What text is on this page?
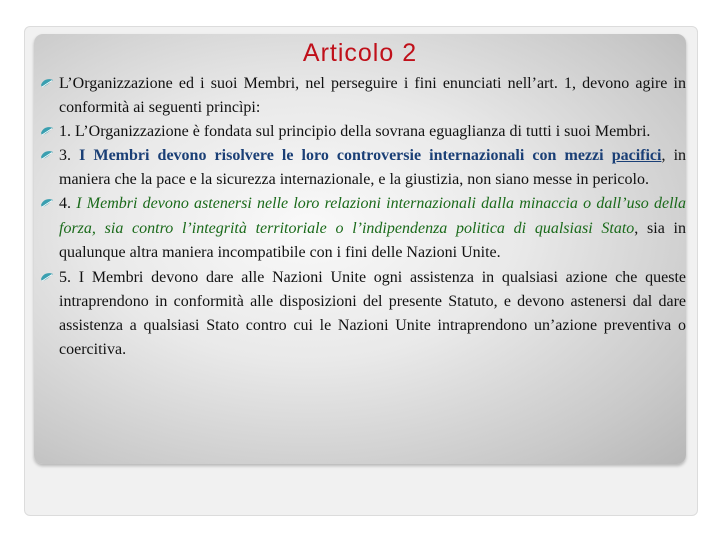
Articolo 2
L’Organizzazione ed i suoi Membri, nel perseguire i fini enunciati nell’art. 1, devono agire in conformità ai seguenti princìpi:
1. L’Organizzazione è fondata sul principio della sovrana eguaglianza di tutti i suoi Membri.
3. I Membri devono risolvere le loro controversie internazionali con mezzi pacifici, in maniera che la pace e la sicurezza internazionale, e la giustizia, non siano messe in pericolo.
4. I Membri devono astenersi nelle loro relazioni internazionali dalla minaccia o dall’uso della forza, sia contro l’integrità territoriale o l’indipendenza politica di qualsiasi Stato, sia in qualunque altra maniera incompatibile con i fini delle Nazioni Unite.
5. I Membri devono dare alle Nazioni Unite ogni assistenza in qualsiasi azione che queste intraprendono in conformità alle disposizioni del presente Statuto, e devono astenersi dal dare assistenza a qualsiasi Stato contro cui le Nazioni Unite intraprendono un’azione preventiva o coercitiva.
